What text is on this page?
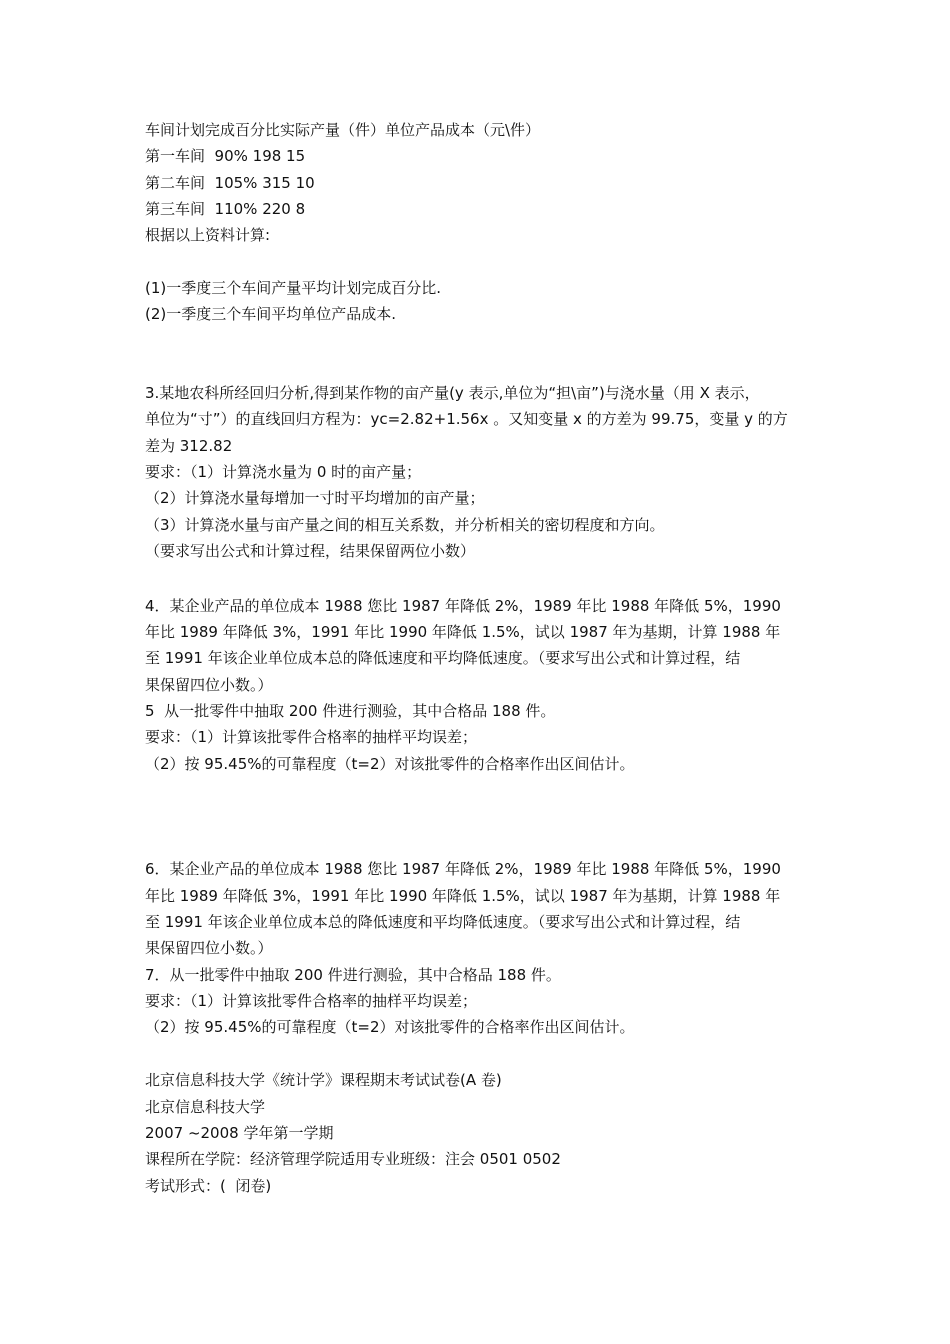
车间计划完成百分比实际产量（件）单位产品成本（元\件）

第一车间  90% 198 15

第二车间  105% 315 10

第三车间  110% 220 8

根据以上资料计算:

(1)一季度三个车间产量平均计划完成百分比.

(2)一季度三个车间平均单位产品成本.

3.某地农科所经回归分析,得到某作物的亩产量(y 表示,单位为“担\亩”)与浇水量（用 X 表示，

单位为“寸”）的直线回归方程为：yc=2.82+1.56x 。又知变量 x 的方差为 99.75，变量 y 的方

差为 312.82

要求：（1）计算浇水量为 0 时的亩产量；

（2）计算浇水量每增加一寸时平均增加的亩产量；

（3）计算浇水量与亩产量之间的相互关系数，并分析相关的密切程度和方向。

（要求写出公式和计算过程，结果保留两位小数）

4．某企业产品的单位成本 1988 您比 1987 年降低 2%，1989 年比 1988 年降低 5%，1990

年比 1989 年降低 3%，1991 年比 1990 年降低 1.5%，试以 1987 年为基期，计算 1988 年

至 1991 年该企业单位成本总的降低速度和平均降低速度。（要求写出公式和计算过程，结

果保留四位小数。）

5  从一批零件中抽取 200 件进行测验，其中合格品 188 件。

要求：（1）计算该批零件合格率的抽样平均误差；

（2）按 95.45%的可靠程度（t=2）对该批零件的合格率作出区间估计。

6．某企业产品的单位成本 1988 您比 1987 年降低 2%，1989 年比 1988 年降低 5%，1990

年比 1989 年降低 3%，1991 年比 1990 年降低 1.5%，试以 1987 年为基期，计算 1988 年

至 1991 年该企业单位成本总的降低速度和平均降低速度。（要求写出公式和计算过程，结

果保留四位小数。）

7．从一批零件中抽取 200 件进行测验，其中合格品 188 件。

要求：（1）计算该批零件合格率的抽样平均误差；

（2）按 95.45%的可靠程度（t=2）对该批零件的合格率作出区间估计。

北京信息科技大学《统计学》课程期末考试试卷(A 卷)

北京信息科技大学

2007 ~2008 学年第一学期

课程所在学院：经济管理学院适用专业班级：注会 0501 0502

考试形式：(  闭卷)
